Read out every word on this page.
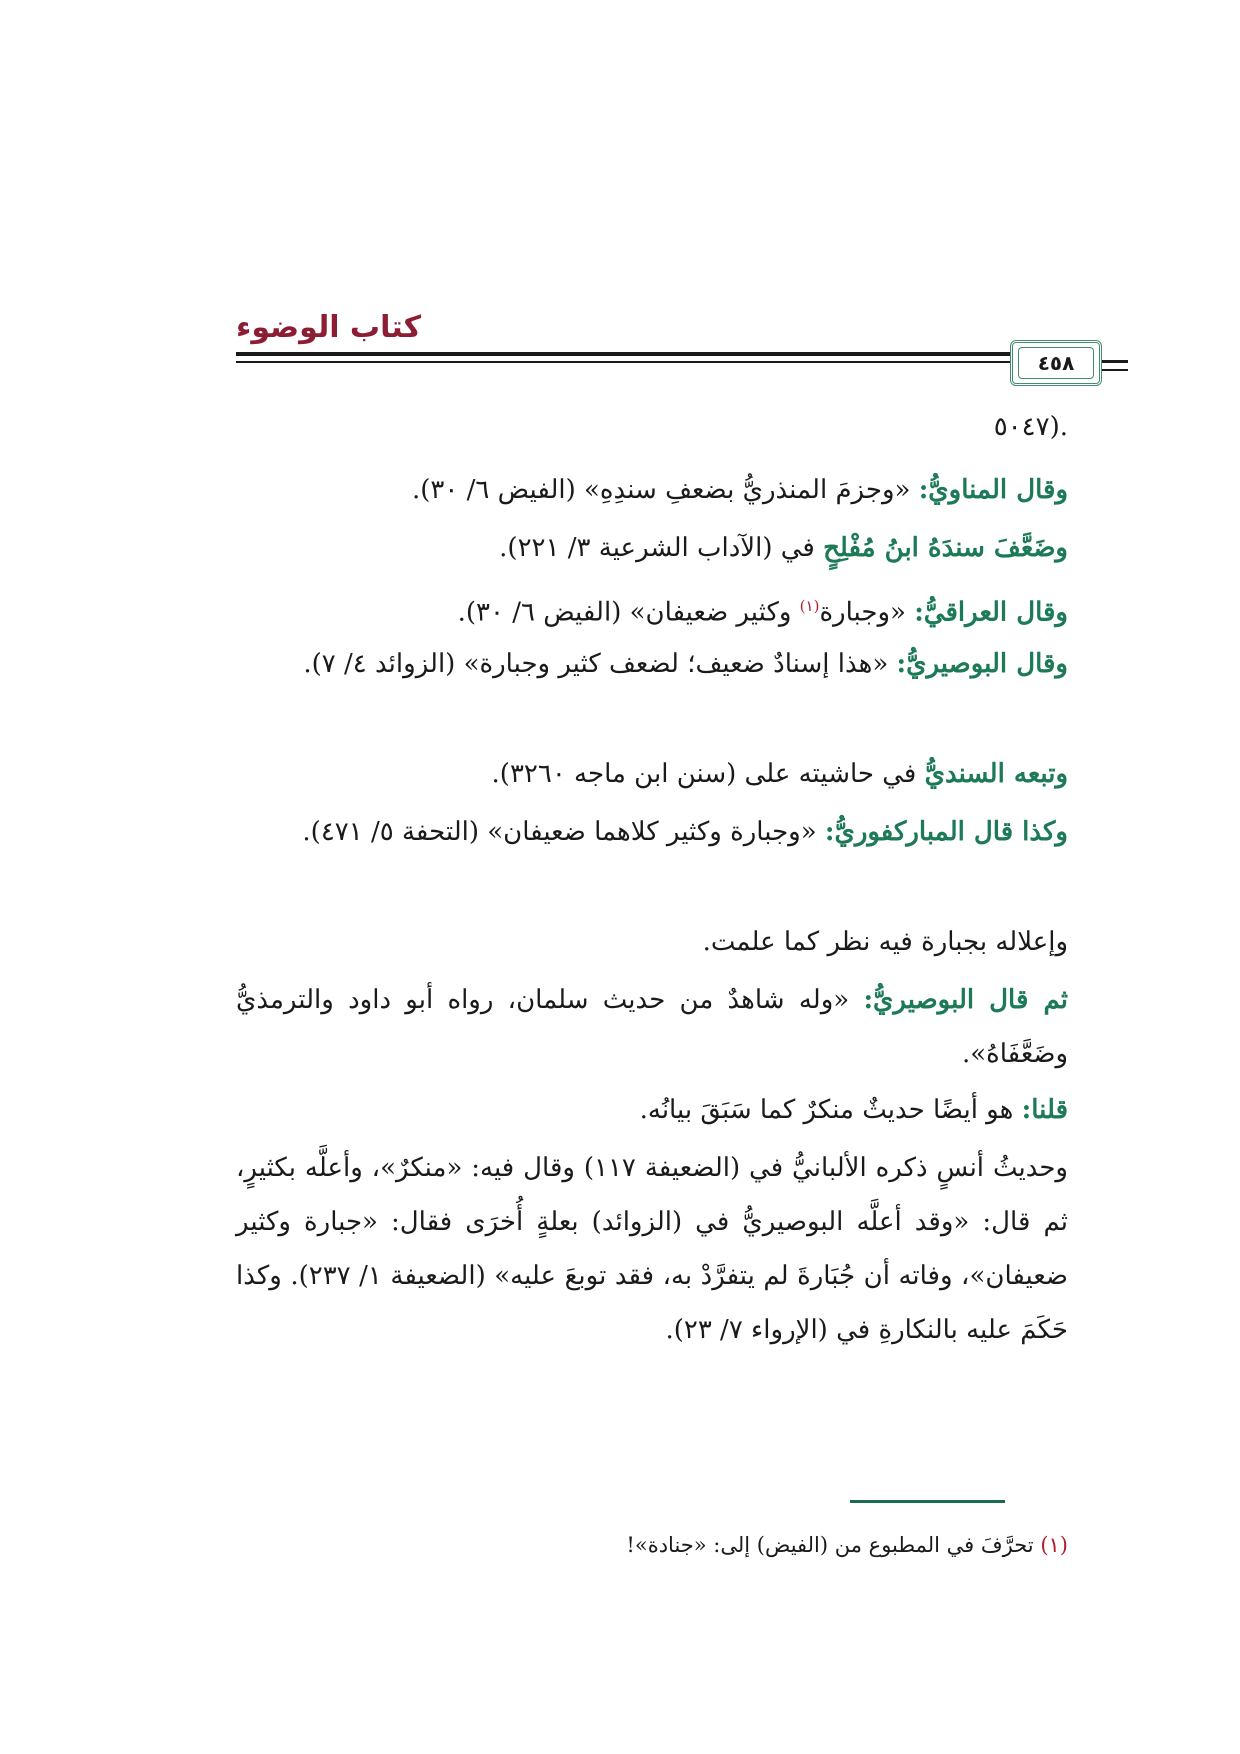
كتاب الوضوء
٤٥٨
.(٥٠٤٧
وقال المناويُّ: «وجزمَ المنذريُّ بضعفِ سندِهِ» (الفيض ٦/ ٣٠).
وضَعَّفَ سندَهُ ابنُ مُفْلِحٍ في (الآداب الشرعية ٣/ ٢٢١).
وقال العراقيُّ: «وجبارة$^{(١)}$ وكثير ضعيفان» (الفيض ٦/ ٣٠).
وقال البوصيريُّ: «هذا إسنادٌ ضعيف؛ لضعف كثير وجبارة» (الزوائد ٤/ ٧).
وتبعه السنديُّ في حاشيته على (سنن ابن ماجه ٣٢٦٠).
وكذا قال المباركفوريُّ: «وجبارة وكثير كلاهما ضعيفان» (التحفة ٥/ ٤٧١).
وإعلاله بجبارة فيه نظر كما علمت.
ثم قال البوصيريُّ: «وله شاهدٌ من حديث سلمان، رواه أبو داود والترمذيُّ وضَعَّفَاهُ».
قلنا: هو أيضًا حديثٌ منكرٌ كما سَبَقَ بيانُه.
وحديثُ أنسٍ ذكره الألبانيُّ في (الضعيفة ١١٧) وقال فيه: «منكرٌ»، وأعلَّه بكثيرٍ، ثم قال: «وقد أعلَّه البوصيريُّ في (الزوائد) بعلةٍ أُخرَى فقال: «جبارة وكثير ضعيفان»، وفاته أن جُبَارةَ لم يتفرَّدْ به، فقد توبعَ عليه» (الضعيفة ١/ ٢٣٧). وكذا حَكَمَ عليه بالنكارةِ في (الإرواء ٧/ ٢٣).
(١) تحرَّفَ في المطبوع من (الفيض) إلى: «جنادة»!
